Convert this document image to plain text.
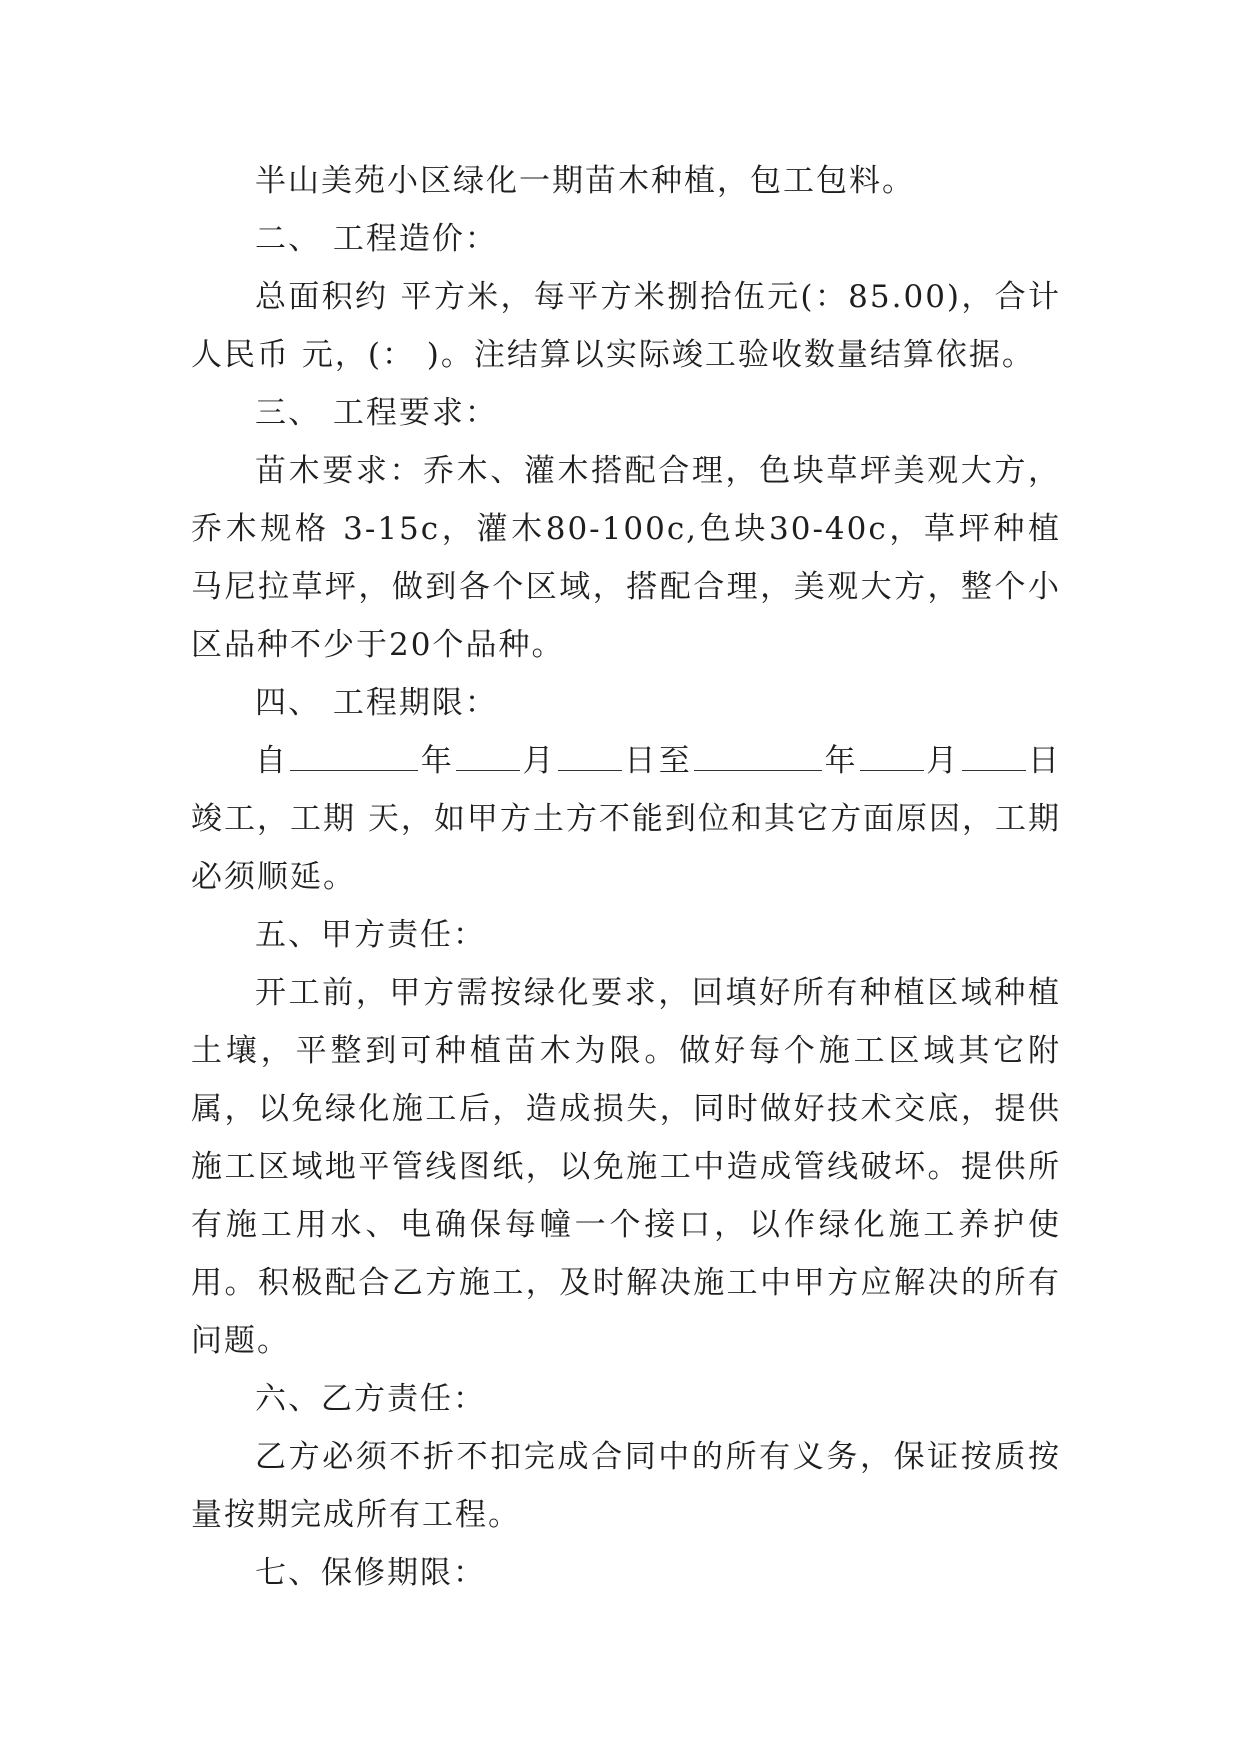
半山美苑小区绿化一期苗木种植，包工包料。

二、 工程造价：

总面积约 平方米，每平方米捌拾伍元(：85.00)，合计人民币 元，(： )。注结算以实际竣工验收数量结算依据。

三、 工程要求：

苗木要求：乔木、灌木搭配合理，色块草坪美观大方，乔木规格 3-15c，灌木80-100c,色块30-40c，草坪种植马尼拉草坪，做到各个区域，搭配合理，美观大方，整个小区品种不少于20个品种。

四、 工程期限：

自	年 月 日至	年 月 日竣工，工期 天，如甲方土方不能到位和其它方面原因，工期必须顺延。

五、甲方责任：

开工前，甲方需按绿化要求，回填好所有种植区域种植土壤，平整到可种植苗木为限。做好每个施工区域其它附属，以免绿化施工后，造成损失，同时做好技术交底，提供施工区域地平管线图纸，以免施工中造成管线破坏。提供所有施工用水、电确保每幢一个接口，以作绿化施工养护使用。积极配合乙方施工，及时解决施工中甲方应解决的所有问题。

六、乙方责任：

乙方必须不折不扣完成合同中的所有义务，保证按质按量按期完成所有工程。

七、保修期限：
